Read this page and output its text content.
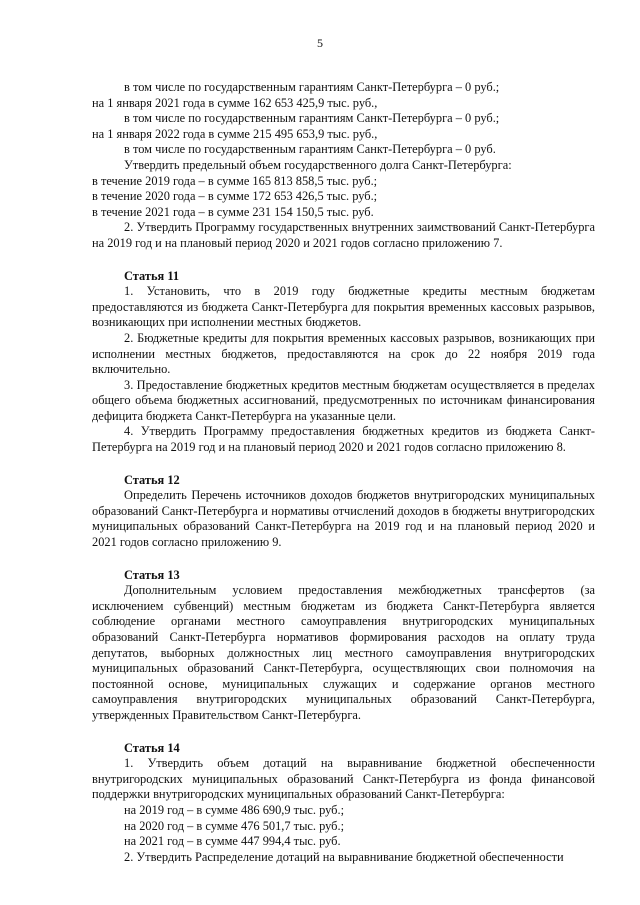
5

в том числе по государственным гарантиям Санкт-Петербурга – 0 руб.;

на 1 января 2021 года в сумме 162 653 425,9 тыс. руб.,

в том числе по государственным гарантиям Санкт-Петербурга – 0 руб.;

на 1 января 2022 года в сумме 215 495 653,9 тыс. руб.,

в том числе по государственным гарантиям Санкт-Петербурга – 0 руб.

Утвердить предельный объем государственного долга Санкт-Петербурга:

в течение 2019 года – в сумме 165 813 858,5 тыс. руб.;

в течение 2020 года – в сумме 172 653 426,5 тыс. руб.;

в течение 2021 года – в сумме 231 154 150,5 тыс. руб.

2. Утвердить Программу государственных внутренних заимствований Санкт-Петербурга на 2019 год и на плановый период 2020 и 2021 годов согласно приложению 7.

Статья 11

1. Установить, что в 2019 году бюджетные кредиты местным бюджетам предоставляются из бюджета Санкт-Петербурга для покрытия временных кассовых разрывов, возникающих при исполнении местных бюджетов.

2. Бюджетные кредиты для покрытия временных кассовых разрывов, возникающих при исполнении местных бюджетов, предоставляются на срок до 22 ноября 2019 года включительно.

3. Предоставление бюджетных кредитов местным бюджетам осуществляется в пределах общего объема бюджетных ассигнований, предусмотренных по источникам финансирования дефицита бюджета Санкт-Петербурга на указанные цели.

4. Утвердить Программу предоставления бюджетных кредитов из бюджета Санкт-Петербурга на 2019 год и на плановый период 2020 и 2021 годов согласно приложению 8.

Статья 12

Определить Перечень источников доходов бюджетов внутригородских муниципальных образований Санкт-Петербурга и нормативы отчислений доходов в бюджеты внутригородских муниципальных образований Санкт-Петербурга на 2019 год и на плановый период 2020 и 2021 годов согласно приложению 9.

Статья 13

Дополнительным условием предоставления межбюджетных трансфертов (за исключением субвенций) местным бюджетам из бюджета Санкт-Петербурга является соблюдение органами местного самоуправления внутригородских муниципальных образований Санкт-Петербурга нормативов формирования расходов на оплату труда депутатов, выборных должностных лиц местного самоуправления внутригородских муниципальных образований Санкт-Петербурга, осуществляющих свои полномочия на постоянной основе, муниципальных служащих и содержание органов местного самоуправления внутригородских муниципальных образований Санкт-Петербурга, утвержденных Правительством Санкт-Петербурга.

Статья 14

1. Утвердить объем дотаций на выравнивание бюджетной обеспеченности внутригородских муниципальных образований Санкт-Петербурга из фонда финансовой поддержки внутригородских муниципальных образований Санкт-Петербурга:

на 2019 год – в сумме 486 690,9 тыс. руб.;

на 2020 год – в сумме 476 501,7 тыс. руб.;

на 2021 год – в сумме 447 994,4 тыс. руб.

2. Утвердить Распределение дотаций на выравнивание бюджетной обеспеченности
